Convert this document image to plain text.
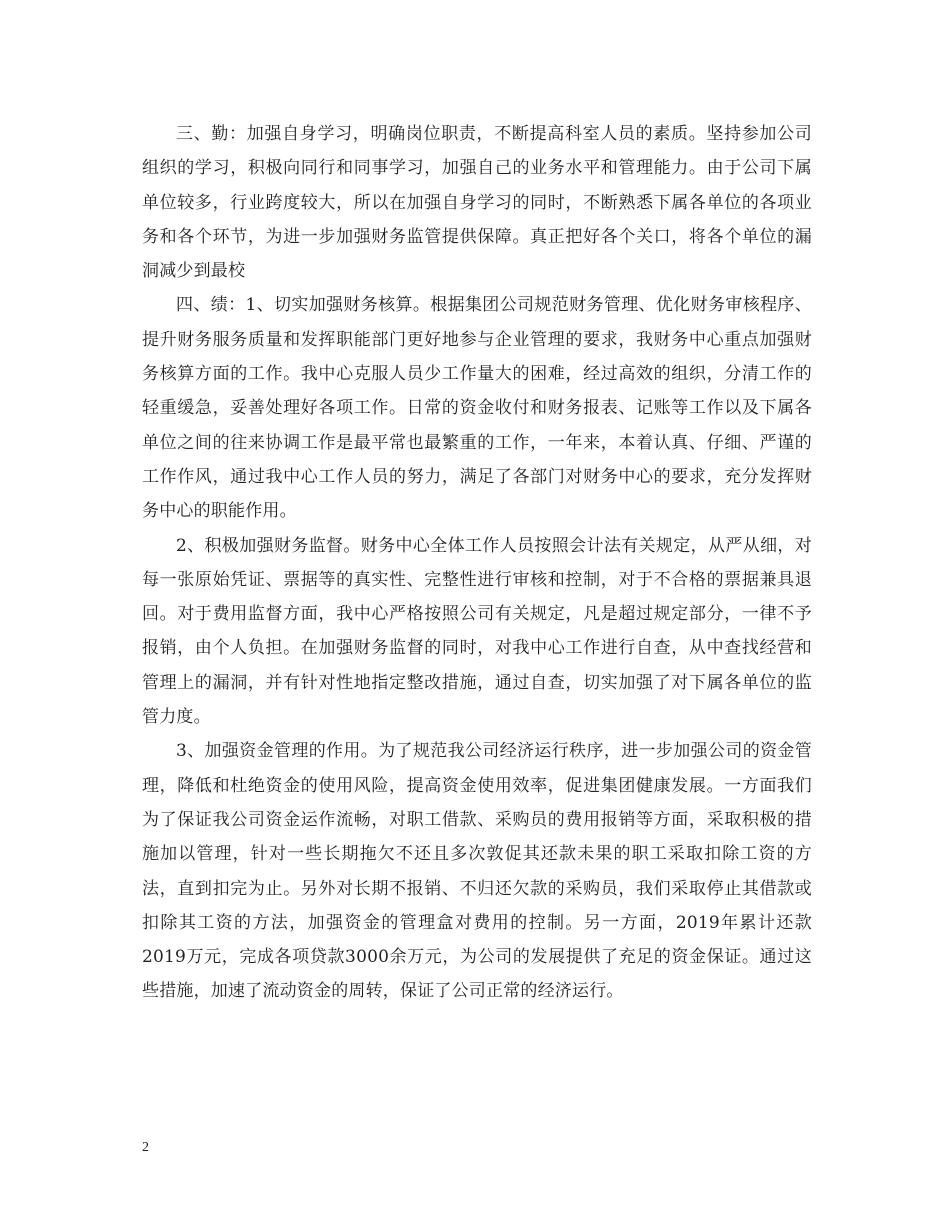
三、勤：加强自身学习，明确岗位职责，不断提高科室人员的素质。坚持参加公司组织的学习，积极向同行和同事学习，加强自己的业务水平和管理能力。由于公司下属单位较多，行业跨度较大，所以在加强自身学习的同时，不断熟悉下属各单位的各项业务和各个环节，为进一步加强财务监管提供保障。真正把好各个关口，将各个单位的漏洞减少到最校

四、绩：1、切实加强财务核算。根据集团公司规范财务管理、优化财务审核程序、提升财务服务质量和发挥职能部门更好地参与企业管理的要求，我财务中心重点加强财务核算方面的工作。我中心克服人员少工作量大的困难，经过高效的组织，分清工作的轻重缓急，妥善处理好各项工作。日常的资金收付和财务报表、记账等工作以及下属各单位之间的往来协调工作是最平常也最繁重的工作，一年来，本着认真、仔细、严谨的工作作风，通过我中心工作人员的努力，满足了各部门对财务中心的要求，充分发挥财务中心的职能作用。

2、积极加强财务监督。财务中心全体工作人员按照会计法有关规定，从严从细，对每一张原始凭证、票据等的真实性、完整性进行审核和控制，对于不合格的票据兼具退回。对于费用监督方面，我中心严格按照公司有关规定，凡是超过规定部分，一律不予报销，由个人负担。在加强财务监督的同时，对我中心工作进行自查，从中查找经营和管理上的漏洞，并有针对性地指定整改措施，通过自查，切实加强了对下属各单位的监管力度。

3、加强资金管理的作用。为了规范我公司经济运行秩序，进一步加强公司的资金管理，降低和杜绝资金的使用风险，提高资金使用效率，促进集团健康发展。一方面我们为了保证我公司资金运作流畅，对职工借款、采购员的费用报销等方面，采取积极的措施加以管理，针对一些长期拖欠不还且多次敦促其还款未果的职工采取扣除工资的方法，直到扣完为止。另外对长期不报销、不归还欠款的采购员，我们采取停止其借款或扣除其工资的方法，加强资金的管理盒对费用的控制。另一方面，2019年累计还款2019万元，完成各项贷款3000余万元，为公司的发展提供了充足的资金保证。通过这些措施，加速了流动资金的周转，保证了公司正常的经济运行。

2
